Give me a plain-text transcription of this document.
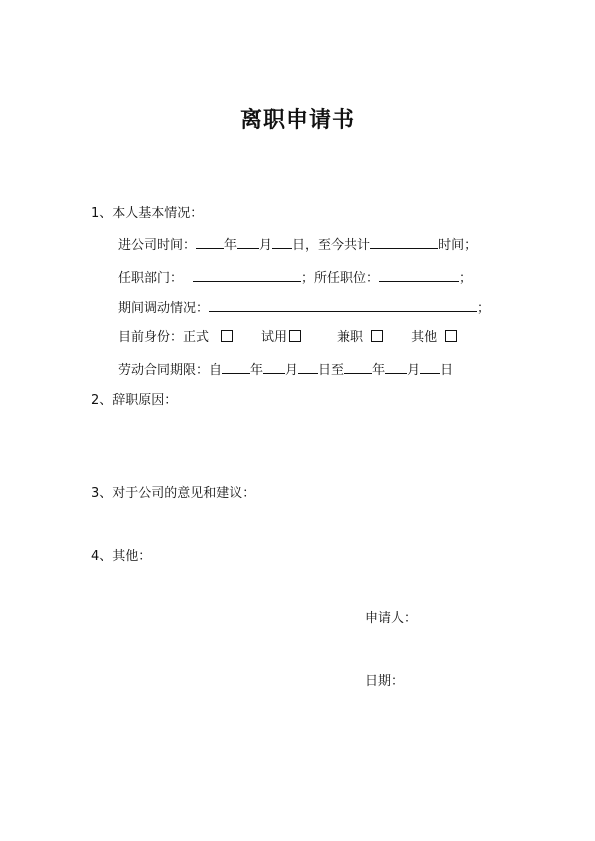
离职申请书
1、本人基本情况：
进公司时间： 年 月 日，至今共计	时间；
任职部门：	；所任职位：	；
期间调动情况：	；
目前身份：正式	试用	兼职	其他
劳动合同期限：自 年 月 日至 年 月 日
2、辞职原因：
3、对于公司的意见和建议：
4、其他：
申请人：
日期：
